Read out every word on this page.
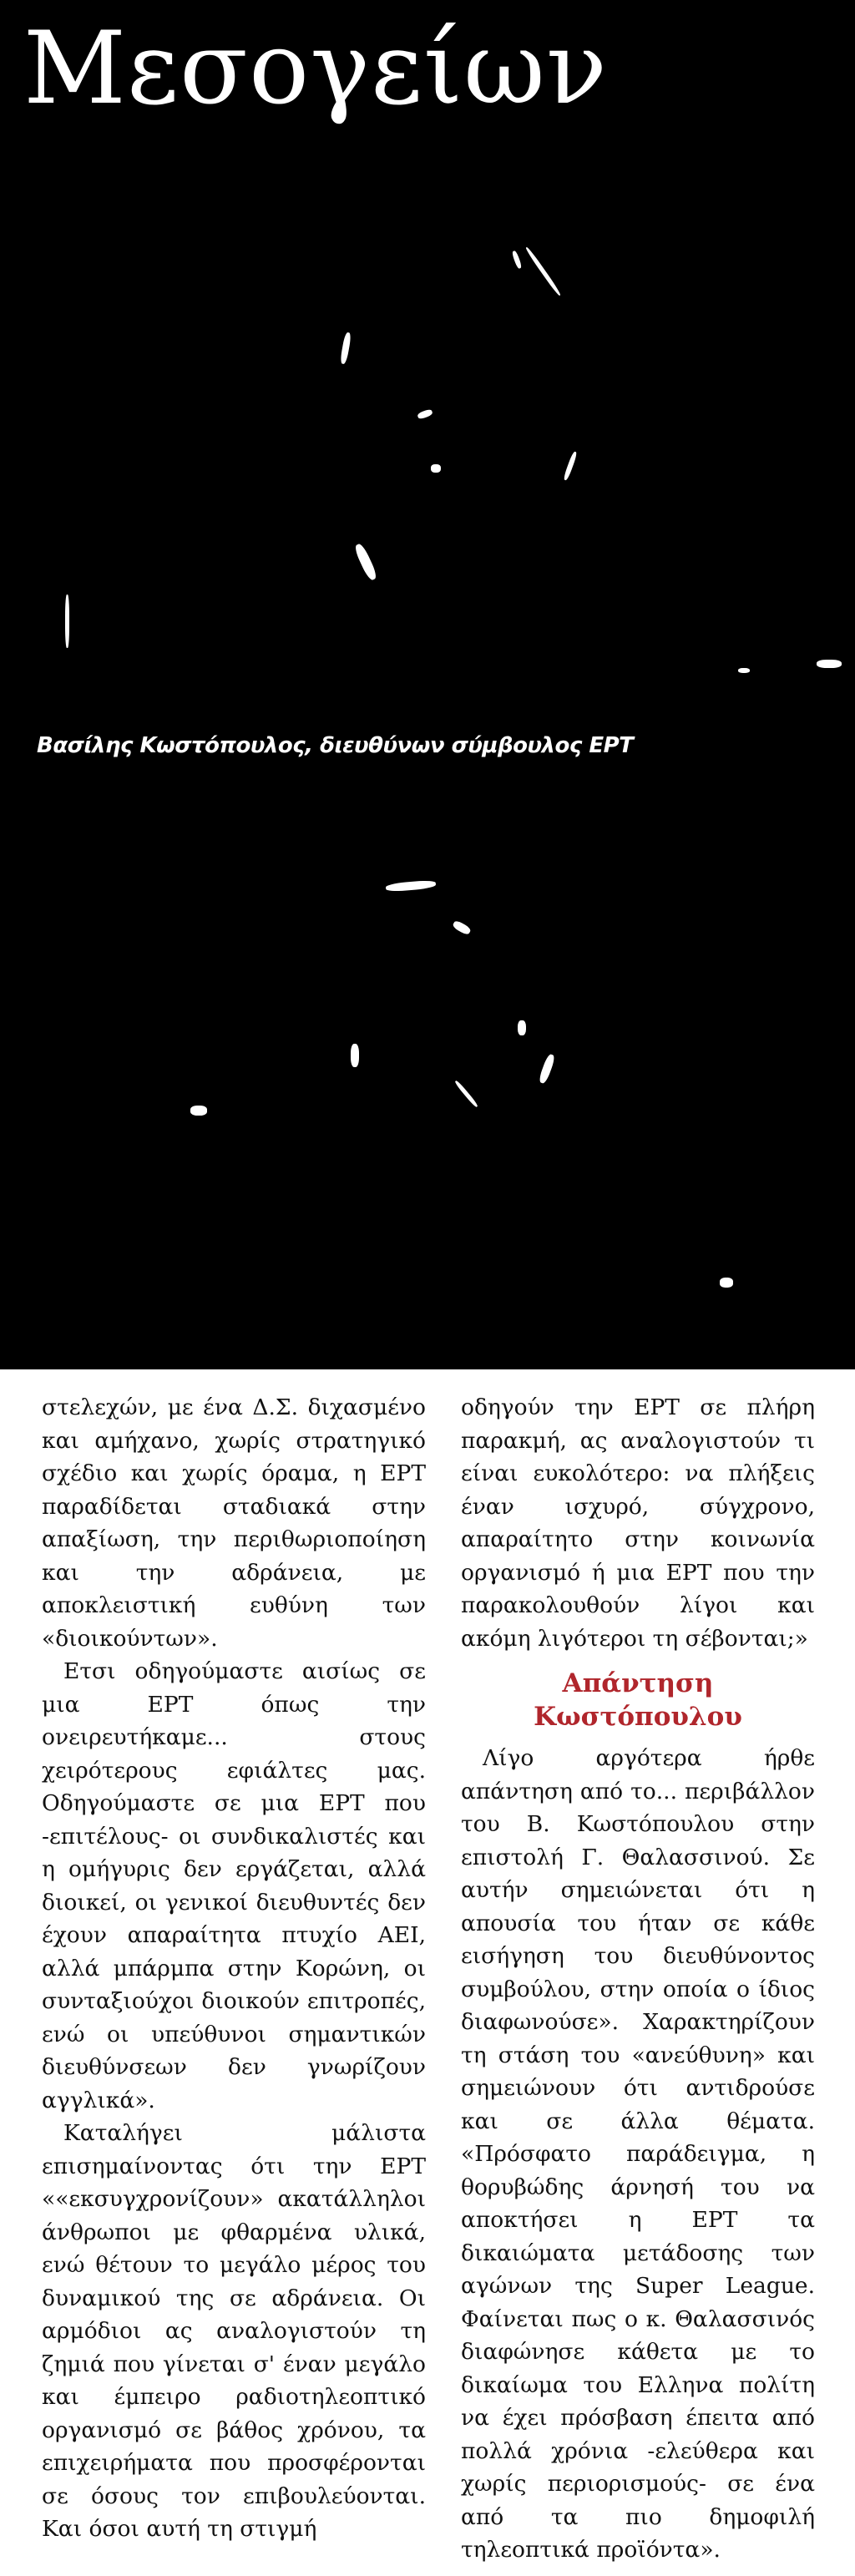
Μεσογείων

Βασίλης Κωστόπουλος, διευθύνων σύμβουλος ΕΡΤ

στελεχών, με ένα Δ.Σ. διχασμένο και αμήχανο, χωρίς στρατηγικό σχέδιο και χωρίς όραμα, η ΕΡΤ παραδίδεται σταδιακά στην απαξίωση, την περιθωριοποίηση και την αδράνεια, με αποκλειστική ευθύνη των «διοικούντων».

Ετσι οδηγούμαστε αισίως σε μια ΕΡΤ όπως την ονειρευτήκαμε... στους χειρότερους εφιάλτες μας. Οδηγούμαστε σε μια ΕΡΤ που -επιτέλους- οι συνδικαλιστές και η ομήγυρις δεν εργάζεται, αλλά διοικεί, οι γενικοί διευθυντές δεν έχουν απαραίτητα πτυχίο ΑΕΙ, αλλά μπάρμπα στην Κορώνη, οι συνταξιούχοι διοικούν επιτροπές, ενώ οι υπεύθυνοι σημαντικών διευθύνσεων δεν γνωρίζουν αγγλικά».

Καταλήγει μάλιστα επισημαίνοντας ότι την ΕΡΤ ««εκσυγχρονίζουν» ακατάλληλοι άνθρωποι με φθαρμένα υλικά, ενώ θέτουν το μεγάλο μέρος του δυναμικού της σε αδράνεια. Οι αρμόδιοι ας αναλογιστούν τη ζημιά που γίνεται σ' έναν μεγάλο και έμπειρο ραδιοτηλεοπτικό οργανισμό σε βάθος χρόνου, τα επιχειρήματα που προσφέρονται σε όσους τον επιβουλεύονται. Και όσοι αυτή τη στιγμή

οδηγούν την ΕΡΤ σε πλήρη παρακμή, ας αναλογιστούν τι είναι ευκολότερο: να πλήξεις έναν ισχυρό, σύγχρονο, απαραίτητο στην κοινωνία οργανισμό ή μια ΕΡΤ που την παρακολουθούν λίγοι και ακόμη λιγότεροι τη σέβονται;»

Απάντηση Κωστόπουλου

Λίγο αργότερα ήρθε απάντηση από το... περιβάλλον του Β. Κωστόπουλου στην επιστολή Γ. Θαλασσινού. Σε αυτήν σημειώνεται ότι η απουσία του ήταν σε κάθε εισήγηση του διευθύνοντος συμβούλου, στην οποία ο ίδιος διαφωνούσε». Χαρακτηρίζουν τη στάση του «ανεύθυνη» και σημειώνουν ότι αντιδρούσε και σε άλλα θέματα. «Πρόσφατο παράδειγμα, η θορυβώδης άρνησή του να αποκτήσει η ΕΡΤ τα δικαιώματα μετάδοσης των αγώνων της Super League. Φαίνεται πως ο κ. Θαλασσινός διαφώνησε κάθετα με το δικαίωμα του Ελληνα πολίτη να έχει πρόσβαση έπειτα από πολλά χρόνια -ελεύθερα και χωρίς περιορισμούς- σε ένα από τα πιο δημοφιλή τηλεοπτικά προϊόντα».
